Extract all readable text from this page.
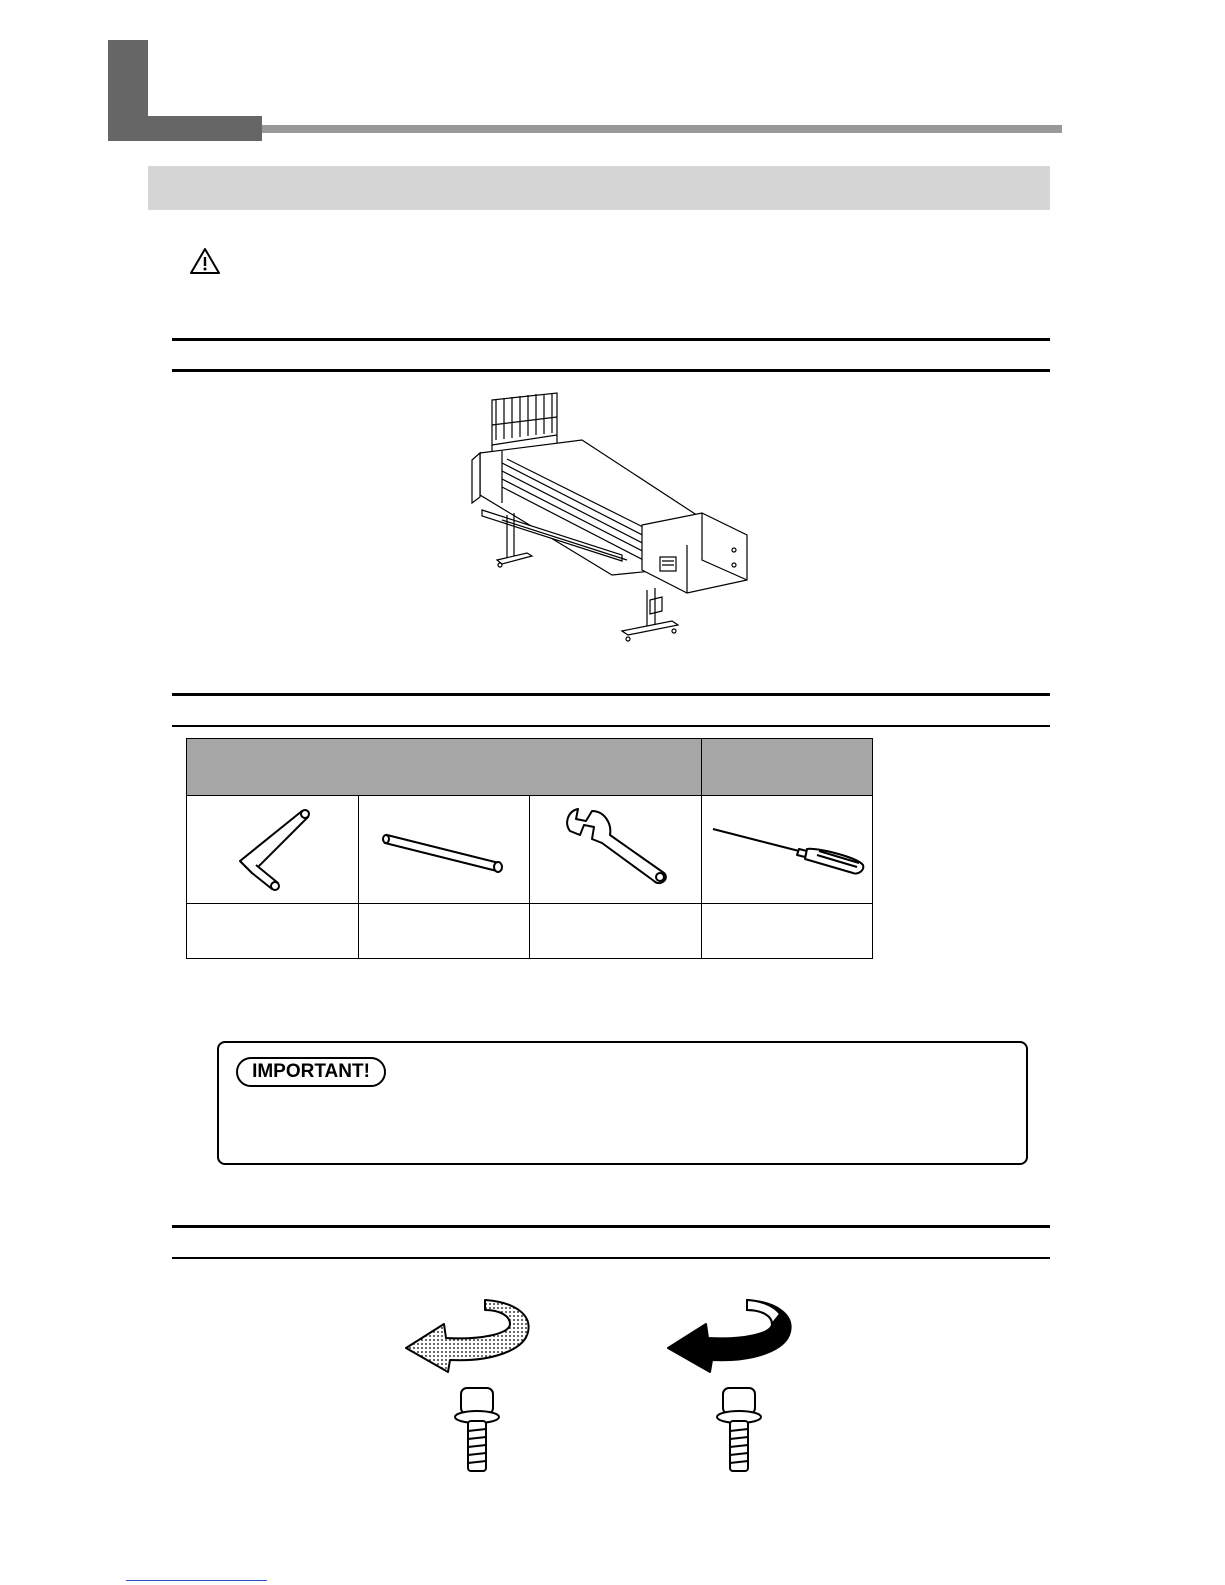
IMPORTANT!
